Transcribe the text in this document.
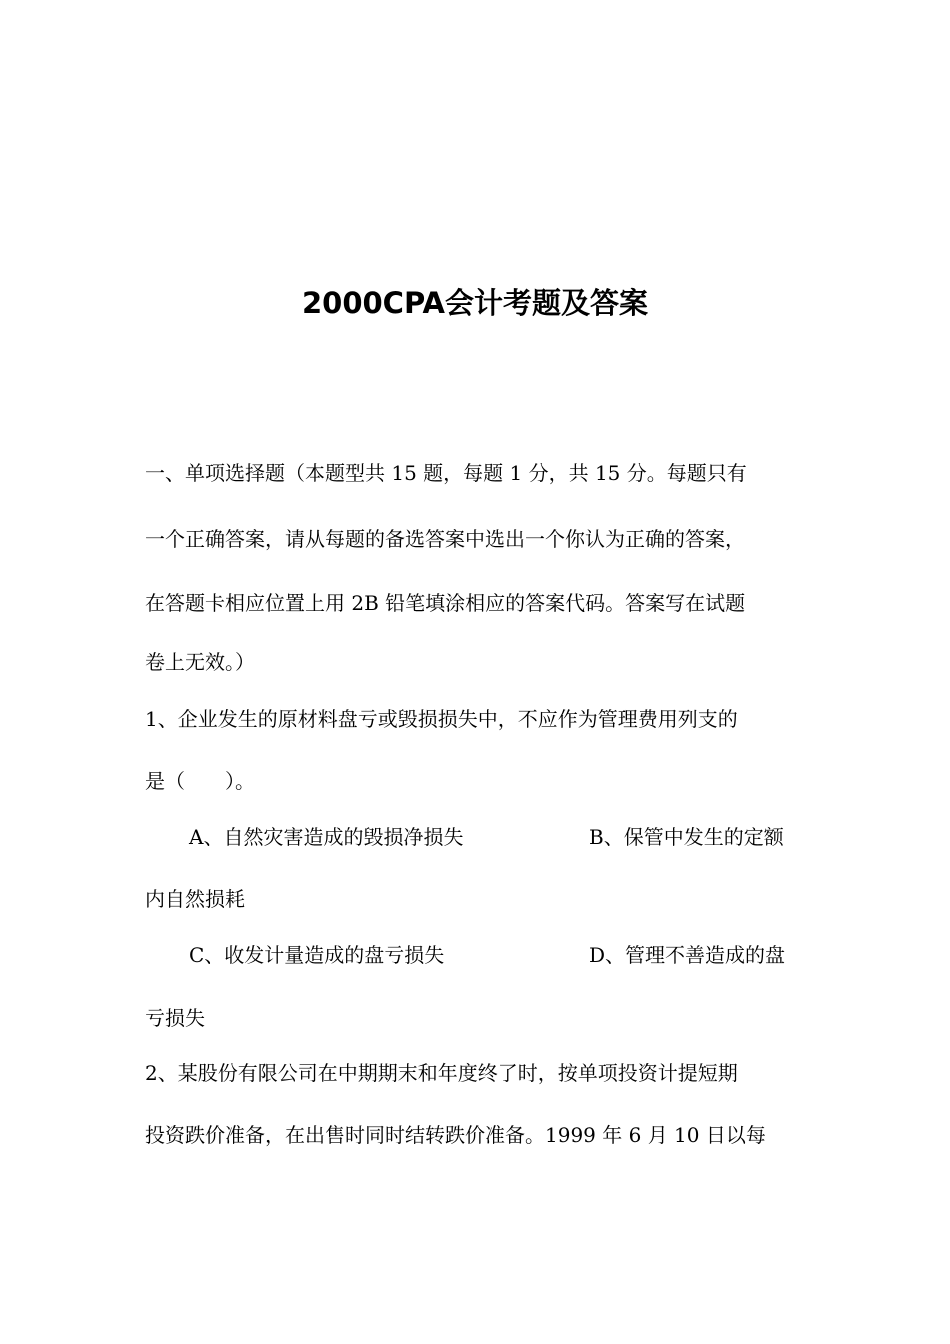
2000CPA会计考题及答案
一、单项选择题（本题型共 15 题，每题 1 分，共 15 分。每题只有
一个正确答案，请从每题的备选答案中选出一个你认为正确的答案，
在答题卡相应位置上用 2B 铅笔填涂相应的答案代码。答案写在试题
卷上无效。）
1、企业发生的原材料盘亏或毁损损失中，不应作为管理费用列支的
是（　　）。
A、自然灾害造成的毁损净损失	B、保管中发生的定额
内自然损耗
C、收发计量造成的盘亏损失	D、管理不善造成的盘
亏损失
2、某股份有限公司在中期期末和年度终了时，按单项投资计提短期
投资跌价准备，在出售时同时结转跌价准备。1999 年 6 月 10 日以每
